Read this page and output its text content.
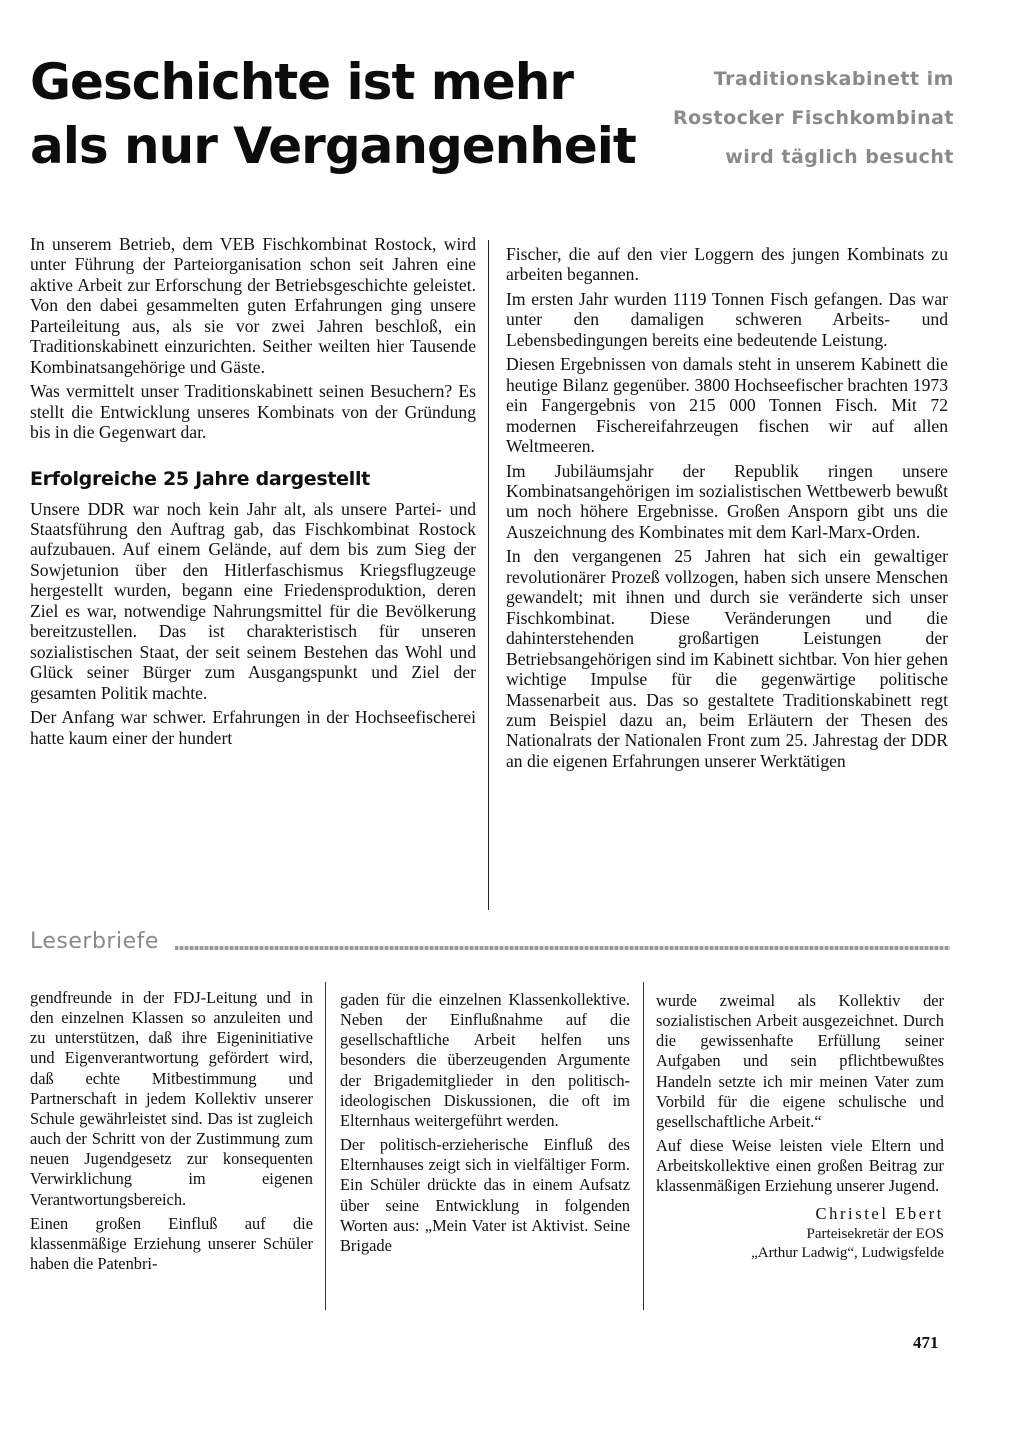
Geschichte ist mehr
als nur Vergangenheit
Traditionskabinett im
Rostocker Fischkombinat
wird täglich besucht

In unserem Betrieb, dem VEB Fischkombinat Rostock, wird unter Führung der Parteiorganisation schon seit Jahren eine aktive Arbeit zur Erforschung der Betriebsgeschichte geleistet. Von den dabei gesammelten guten Erfahrungen ging unsere Parteileitung aus, als sie vor zwei Jahren beschloß, ein Traditionskabinett einzurichten. Seither weilten hier Tausende Kombinatsangehörige und Gäste.

Was vermittelt unser Traditionskabinett seinen Besuchern? Es stellt die Entwicklung unseres Kombinats von der Gründung bis in die Gegenwart dar.

Erfolgreiche 25 Jahre dargestellt

Unsere DDR war noch kein Jahr alt, als unsere Partei- und Staatsführung den Auftrag gab, das Fischkombinat Rostock aufzubauen. Auf einem Gelände, auf dem bis zum Sieg der Sowjetunion über den Hitlerfaschismus Kriegsflugzeuge hergestellt wurden, begann eine Friedensproduktion, deren Ziel es war, notwendige Nahrungsmittel für die Bevölkerung bereitzustellen. Das ist charakteristisch für unseren sozialistischen Staat, der seit seinem Bestehen das Wohl und Glück seiner Bürger zum Ausgangspunkt und Ziel der gesamten Politik machte.

Der Anfang war schwer. Erfahrungen in der Hochseefischerei hatte kaum einer der hundert

Fischer, die auf den vier Loggern des jungen Kombinats zu arbeiten begannen.

Im ersten Jahr wurden 1119 Tonnen Fisch gefangen. Das war unter den damaligen schweren Arbeits- und Lebensbedingungen bereits eine bedeutende Leistung.

Diesen Ergebnissen von damals steht in unserem Kabinett die heutige Bilanz gegenüber. 3800 Hochseefischer brachten 1973 ein Fangergebnis von 215 000 Tonnen Fisch. Mit 72 modernen Fischereifahrzeugen fischen wir auf allen Weltmeeren.

Im Jubiläumsjahr der Republik ringen unsere Kombinatsangehörigen im sozialistischen Wettbewerb bewußt um noch höhere Ergebnisse. Großen Ansporn gibt uns die Auszeichnung des Kombinates mit dem Karl-Marx-Orden.

In den vergangenen 25 Jahren hat sich ein gewaltiger revolutionärer Prozeß vollzogen, haben sich unsere Menschen gewandelt; mit ihnen und durch sie veränderte sich unser Fischkombinat. Diese Veränderungen und die dahinterstehenden großartigen Leistungen der Betriebsangehörigen sind im Kabinett sichtbar. Von hier gehen wichtige Impulse für die gegenwärtige politische Massenarbeit aus. Das so gestaltete Traditionskabinett regt zum Beispiel dazu an, beim Erläutern der Thesen des Nationalrats der Nationalen Front zum 25. Jahrestag der DDR an die eigenen Erfahrungen unserer Werktätigen

Leserbriefe

gendfreunde in der FDJ-Leitung und in den einzelnen Klassen so anzuleiten und zu unterstützen, daß ihre Eigeninitiative und Eigenverantwortung gefördert wird, daß echte Mitbestimmung und Partnerschaft in jedem Kollektiv unserer Schule gewährleistet sind. Das ist zugleich auch der Schritt von der Zustimmung zum neuen Jugendgesetz zur konsequenten Verwirklichung im eigenen Verantwortungsbereich.

Einen großen Einfluß auf die klassenmäßige Erziehung unserer Schüler haben die Patenbri-

gaden für die einzelnen Klassenkollektive. Neben der Einflußnahme auf die gesellschaftliche Arbeit helfen uns besonders die überzeugenden Argumente der Brigademitglieder in den politisch-ideologischen Diskussionen, die oft im Elternhaus weitergeführt werden.

Der politisch-erzieherische Einfluß des Elternhauses zeigt sich in vielfältiger Form. Ein Schüler drückte das in einem Aufsatz über seine Entwicklung in folgenden Worten aus: „Mein Vater ist Aktivist. Seine Brigade

wurde zweimal als Kollektiv der sozialistischen Arbeit ausgezeichnet. Durch die gewissenhafte Erfüllung seiner Aufgaben und sein pflichtbewußtes Handeln setzte ich mir meinen Vater zum Vorbild für die eigene schulische und gesellschaftliche Arbeit.“

Auf diese Weise leisten viele Eltern und Arbeitskollektive einen großen Beitrag zur klassenmäßigen Erziehung unserer Jugend.

Christel Ebert
Parteisekretär der EOS
„Arthur Ladwig“, Ludwigsfelde
471
